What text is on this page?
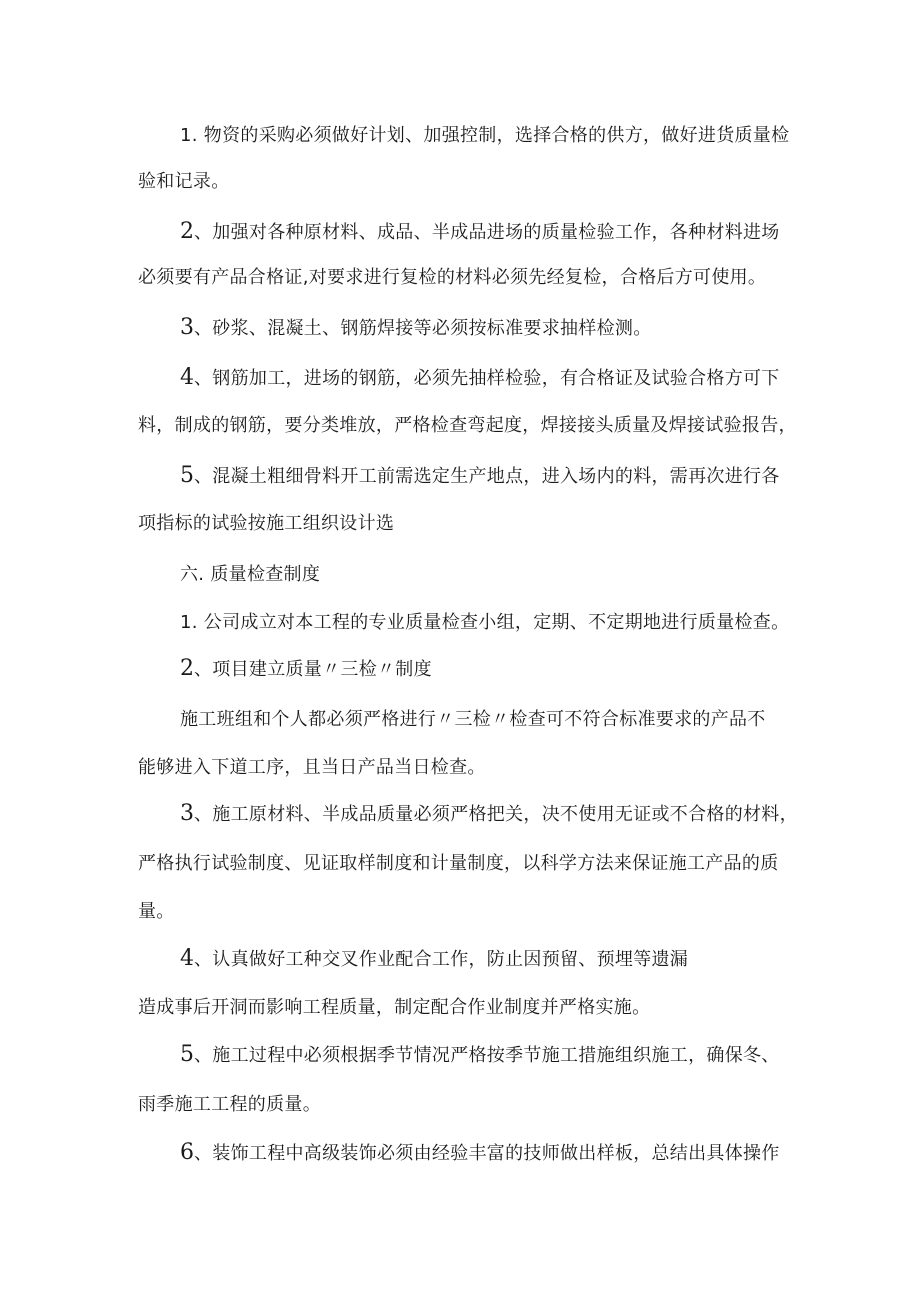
1. 物资的采购必须做好计划、加强控制，选择合格的供方，做好进货质量检
验和记录。
2、加强对各种原材料、成品、半成品进场的质量检验工作，各种材料进场
必须要有产品合格证,对要求进行复检的材料必须先经复检，合格后方可使用。
3、砂浆、混凝土、钢筋焊接等必须按标准要求抽样检测。
4、钢筋加工，进场的钢筋，必须先抽样检验，有合格证及试验合格方可下
料，制成的钢筋，要分类堆放，严格检查弯起度，焊接接头质量及焊接试验报告，
5、混凝土粗细骨料开工前需选定生产地点，进入场内的料，需再次进行各
项指标的试验按施工组织设计选
六. 质量检查制度
1. 公司成立对本工程的专业质量检查小组，定期、不定期地进行质量检查。
2、项目建立质量〃三检〃制度
施工班组和个人都必须严格进行〃三检〃检查可不符合标准要求的产品不
能够进入下道工序，且当日产品当日检查。
3、施工原材料、半成品质量必须严格把关，决不使用无证或不合格的材料，
严格执行试验制度、见证取样制度和计量制度，以科学方法来保证施工产品的质
量。
4、认真做好工种交叉作业配合工作，防止因预留、预埋等遗漏
造成事后开洞而影响工程质量，制定配合作业制度并严格实施。
5、施工过程中必须根据季节情况严格按季节施工措施组织施工，确保冬、
雨季施工工程的质量。
6、装饰工程中高级装饰必须由经验丰富的技师做出样板，总结出具体操作
